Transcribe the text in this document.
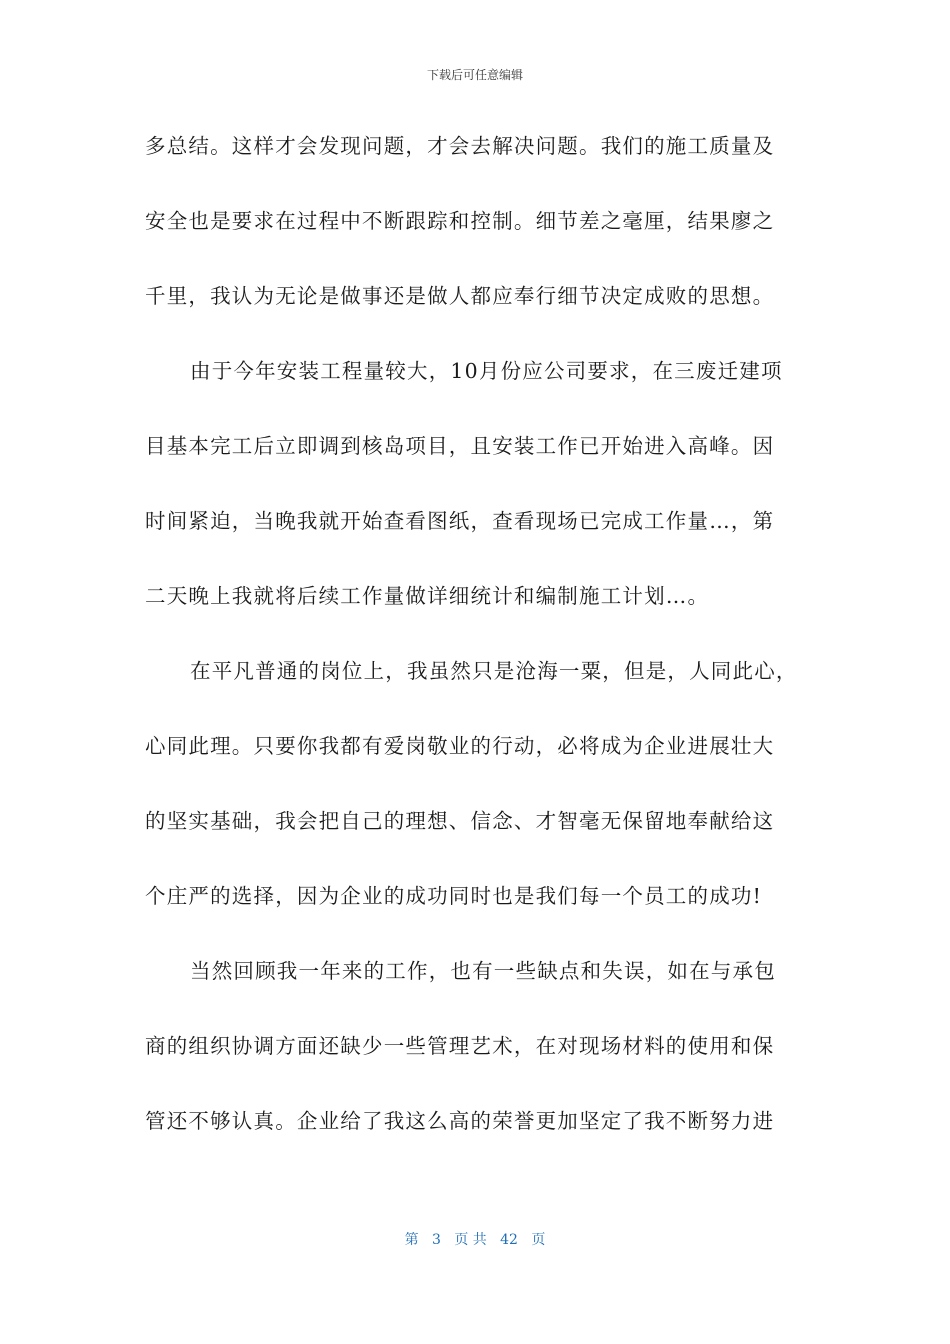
下载后可任意编辑
多总结。这样才会发现问题，才会去解决问题。我们的施工质量及
安全也是要求在过程中不断跟踪和控制。细节差之毫厘，结果廖之
千里，我认为无论是做事还是做人都应奉行细节决定成败的思想。
由于今年安装工程量较大，10月份应公司要求，在三废迁建项
目基本完工后立即调到核岛项目，且安装工作已开始进入高峰。因
时间紧迫，当晚我就开始查看图纸，查看现场已完成工作量…，第
二天晚上我就将后续工作量做详细统计和编制施工计划…。
在平凡普通的岗位上，我虽然只是沧海一粟，但是，人同此心，
心同此理。只要你我都有爱岗敬业的行动，必将成为企业进展壮大
的坚实基础，我会把自己的理想、信念、才智毫无保留地奉献给这
个庄严的选择，因为企业的成功同时也是我们每一个员工的成功!
当然回顾我一年来的工作，也有一些缺点和失误，如在与承包
商的组织协调方面还缺少一些管理艺术，在对现场材料的使用和保
管还不够认真。企业给了我这么高的荣誉更加坚定了我不断努力进
第 3 页 共 42 页
